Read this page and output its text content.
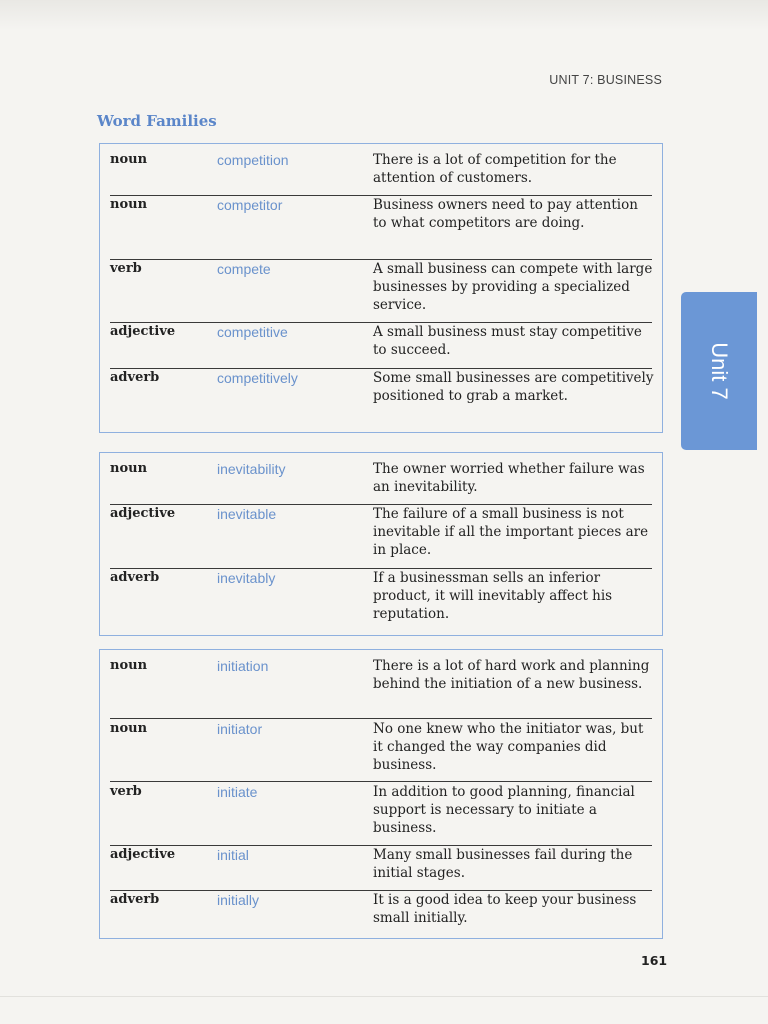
UNIT 7: BUSINESS
Word Families
noun	competition	There is a lot of competition for the attention of customers.
noun	competitor	Business owners need to pay attention to what competitors are doing.
verb	compete	A small business can compete with large businesses by providing a specialized service.
adjective	competitive	A small business must stay competitive to succeed.
adverb	competitively	Some small businesses are competitively positioned to grab a market.
noun	inevitability	The owner worried whether failure was an inevitability.
adjective	inevitable	The failure of a small business is not inevitable if all the important pieces are in place.
adverb	inevitably	If a businessman sells an inferior product, it will inevitably affect his reputation.
noun	initiation	There is a lot of hard work and planning behind the initiation of a new business.
noun	initiator	No one knew who the initiator was, but it changed the way companies did business.
verb	initiate	In addition to good planning, financial support is necessary to initiate a business.
adjective	initial	Many small businesses fail during the initial stages.
adverb	initially	It is a good idea to keep your business small initially.
Unit 7
161
